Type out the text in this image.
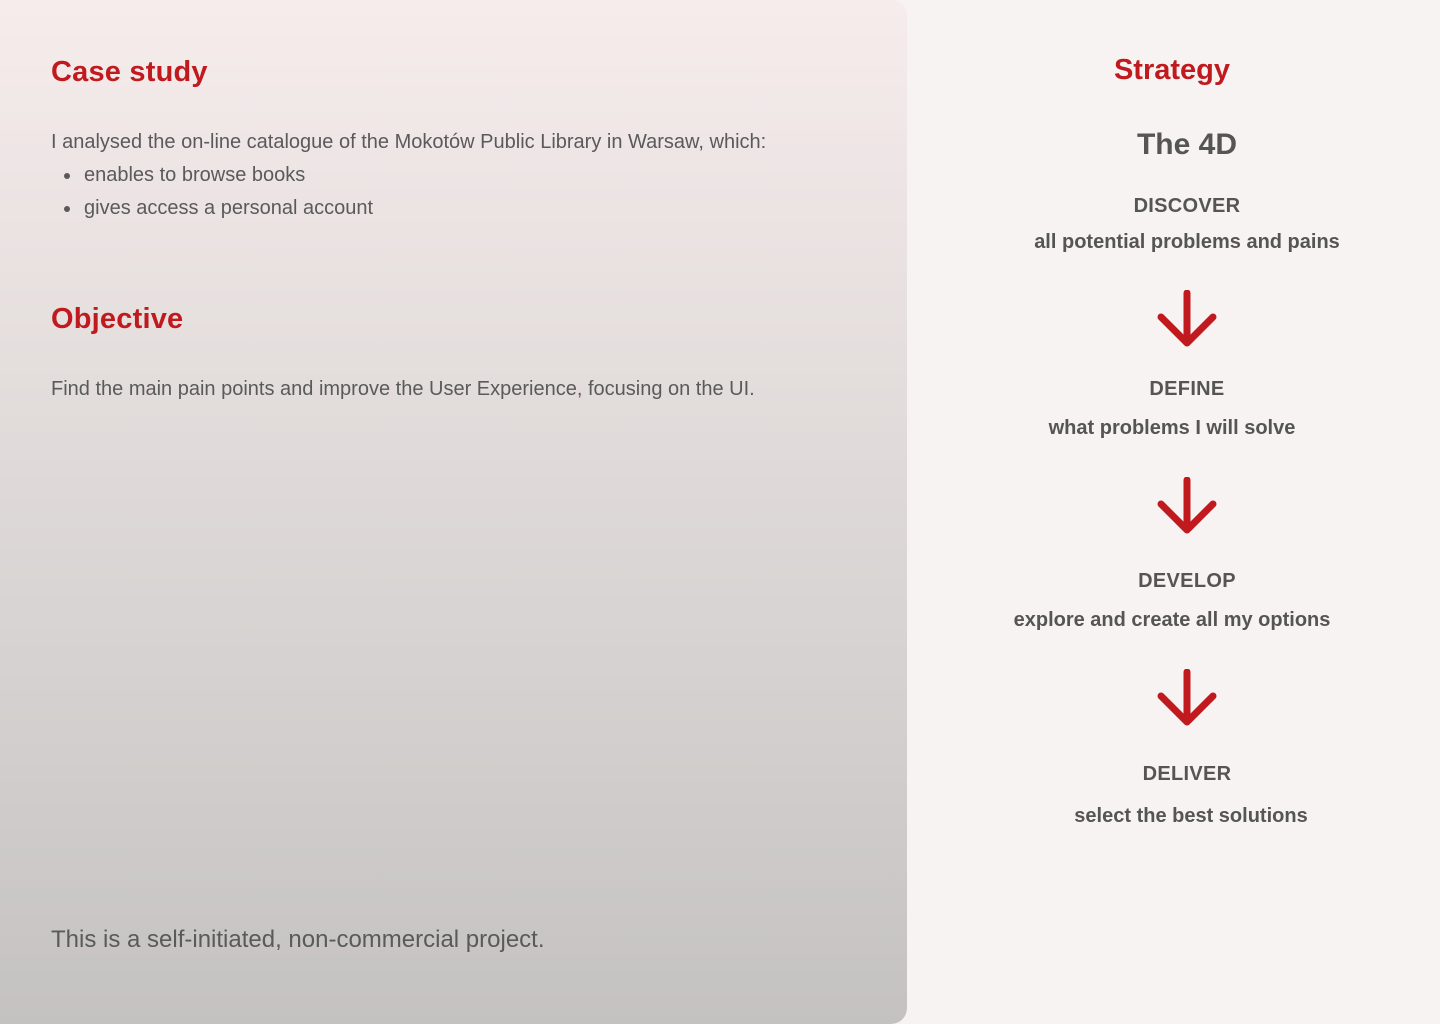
Case study

I analysed the on-line catalogue of the Mokotów Public Library in Warsaw, which:

enables to browse books
gives access a personal account
Objective

Find the main pain points and improve the User Experience, focusing on the UI.

This is a self-initiated, non-commercial project.

Strategy
The 4D
DISCOVER
all potential problems and pains
DEFINE
what problems I will solve
DEVELOP
explore and create all my options
DELIVER
select the best solutions
